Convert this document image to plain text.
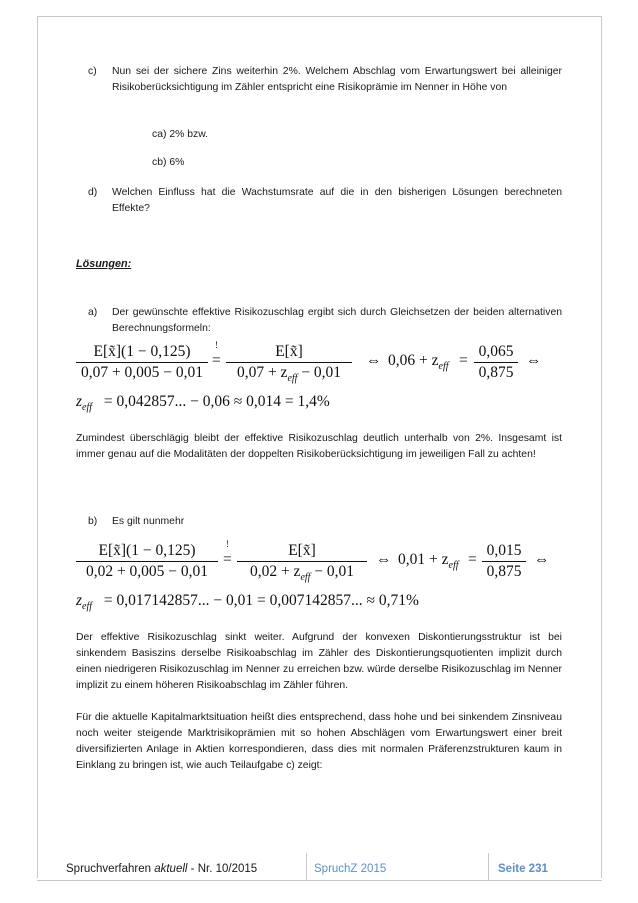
c) Nun sei der sichere Zins weiterhin 2%. Welchem Abschlag vom Erwartungswert bei alleiniger Risikoberücksichtigung im Zähler entspricht eine Risikoprämie im Nenner in Höhe von
ca) 2% bzw.
cb) 6%
d) Welchen Einfluss hat die Wachstumsrate auf die in den bisherigen Lösungen berechneten Effekte?
Lösungen:
a) Der gewünschte effektive Risikozuschlag ergibt sich durch Gleichsetzen der beiden alternativen Berechnungsformeln:
$\frac{E[x̃](1 - 0,125)}{0,07 + 0,005 - 0,01}$ !
=
E[x̃]
$0,07 + z_{eff} - 0,01$
⇔ $0,06 + z_{eff} = \frac{0,065}{0,875}$ ⇔
$z_{eff} = 0,042857$... − 0,06 ≈ 0,014 = 1,4%
Zumindest überschlägig bleibt der effektive Risikozuschlag deutlich unterhalb von 2%. Insgesamt ist immer genau auf die Modalitäten der doppelten Risikoberücksichtigung im jeweiligen Fall zu achten!
b) Es gilt nunmehr
$\frac{E[x̃](1 - 0,125)}{0,02 + 0,005 - 0,01}$ !
=
E[x̃]
$0,02 + z_{eff} - 0,01$
⇔ $0,01 + z_{eff} = \frac{0,015}{0,875}$ ⇔
$z_{eff} = 0,017142857$... − 0,01 = 0,007142857... ≈ 0,71%
Der effektive Risikozuschlag sinkt weiter. Aufgrund der konvexen Diskontierungsstruktur ist bei sinkendem Basiszins derselbe Risikoabschlag im Zähler des Diskontierungsquotienten implizit durch einen niedrigeren Risikozuschlag im Nenner zu erreichen bzw. würde derselbe Risikozuschlag im Nenner implizit zu einem höheren Risikoabschlag im Zähler führen.
Für die aktuelle Kapitalmarktsituation heißt dies entsprechend, dass hohe und bei sinkendem Zinsniveau noch weiter steigende Marktrisikoprämien mit so hohen Abschlägen vom Erwartungswert einer breit diversifizierten Anlage in Aktien korrespondieren, dass dies mit normalen Präferenzstrukturen kaum in Einklang zu bringen ist, wie auch Teilaufgabe c) zeigt:
Spruchverfahren aktuell - Nr. 10/2015	SpruchZ 2015	Seite 231
